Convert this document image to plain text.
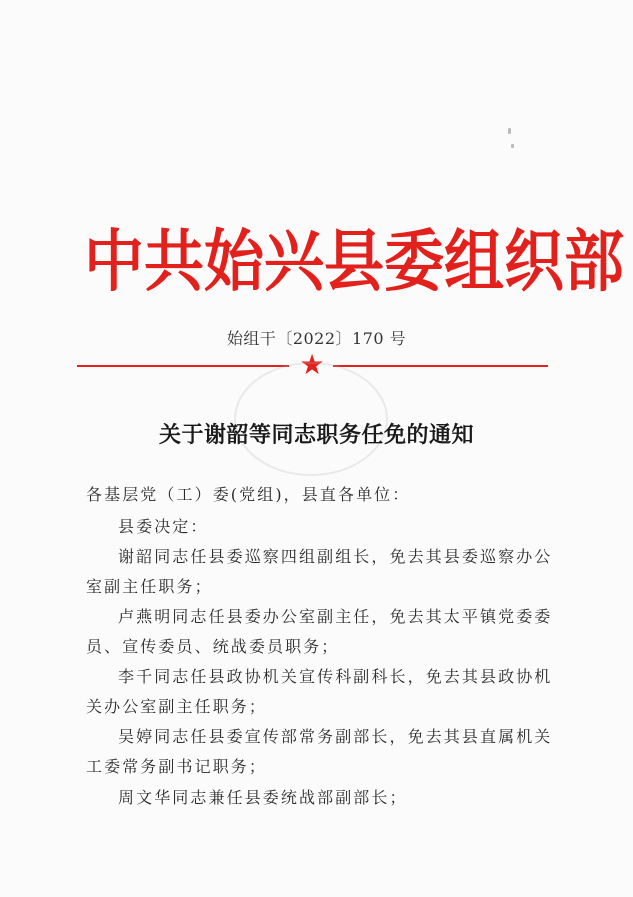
中 共 始 兴 县 委 组 织 部
始组干〔2022〕170 号
★
关于谢韶等同志职务任免的通知
各基层党（工）委(党组)，县直各单位：
县委决定：
谢韶同志任县委巡察四组副组长，免去其县委巡察办公
室副主任职务；
卢燕明同志任县委办公室副主任，免去其太平镇党委委
员、宣传委员、统战委员职务；
李千同志任县政协机关宣传科副科长，免去其县政协机
关办公室副主任职务；
吴婷同志任县委宣传部常务副部长，免去其县直属机关
工委常务副书记职务；
周文华同志兼任县委统战部副部长；
